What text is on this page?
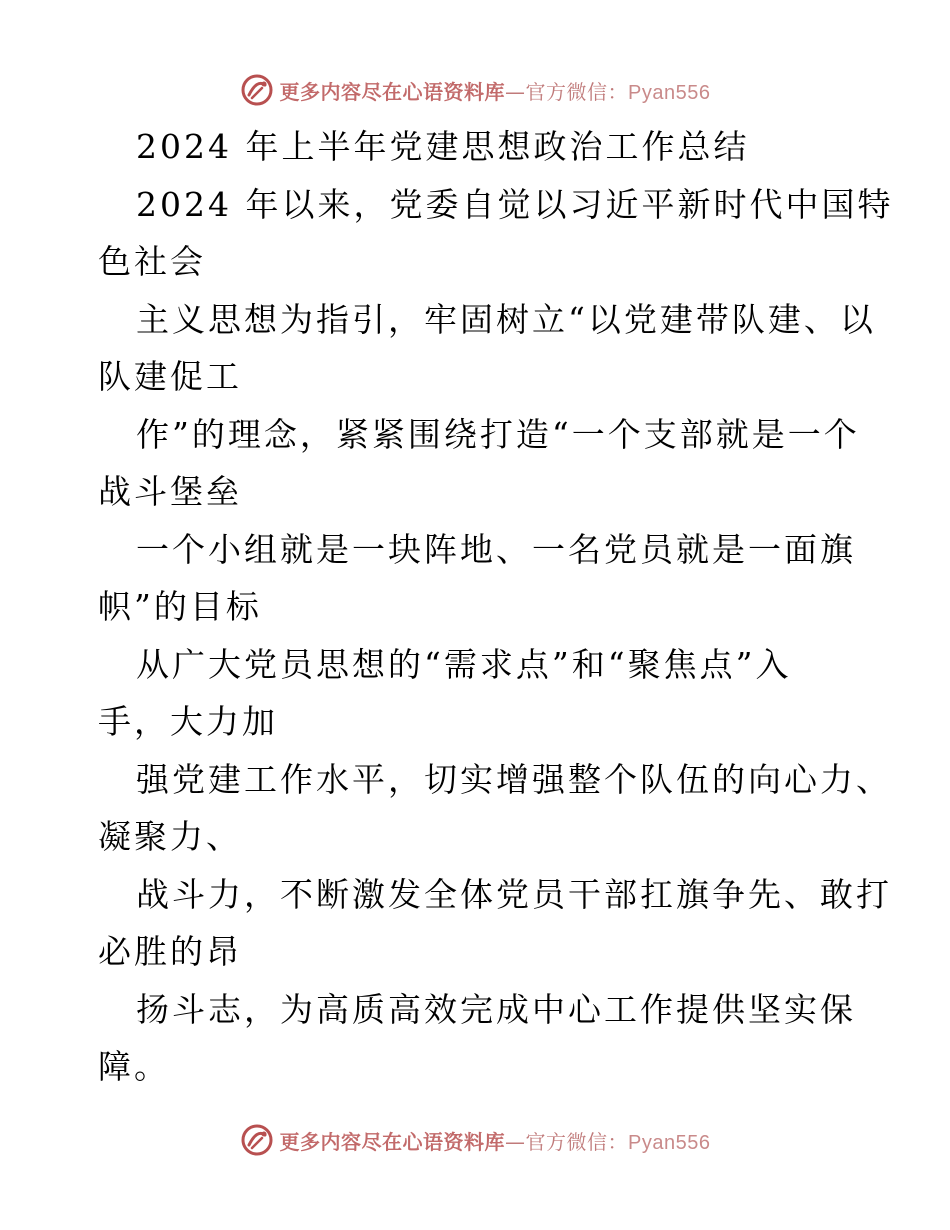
更多内容尽在心语资料库—官方微信：Pyan556
2024 年上半年党建思想政治工作总结
2024 年以来，党委自觉以习近平新时代中国特
色社会
主义思想为指引，牢固树立“以党建带队建、以
队建促工
作”的理念，紧紧围绕打造“一个支部就是一个
战斗堡垒
一个小组就是一块阵地、一名党员就是一面旗
帜”的目标
从广大党员思想的“需求点”和“聚焦点”入
手，大力加
强党建工作水平，切实增强整个队伍的向心力、
凝聚力、
战斗力，不断激发全体党员干部扛旗争先、敢打
必胜的昂
扬斗志，为高质高效完成中心工作提供坚实保
障。
更多内容尽在心语资料库—官方微信：Pyan556
